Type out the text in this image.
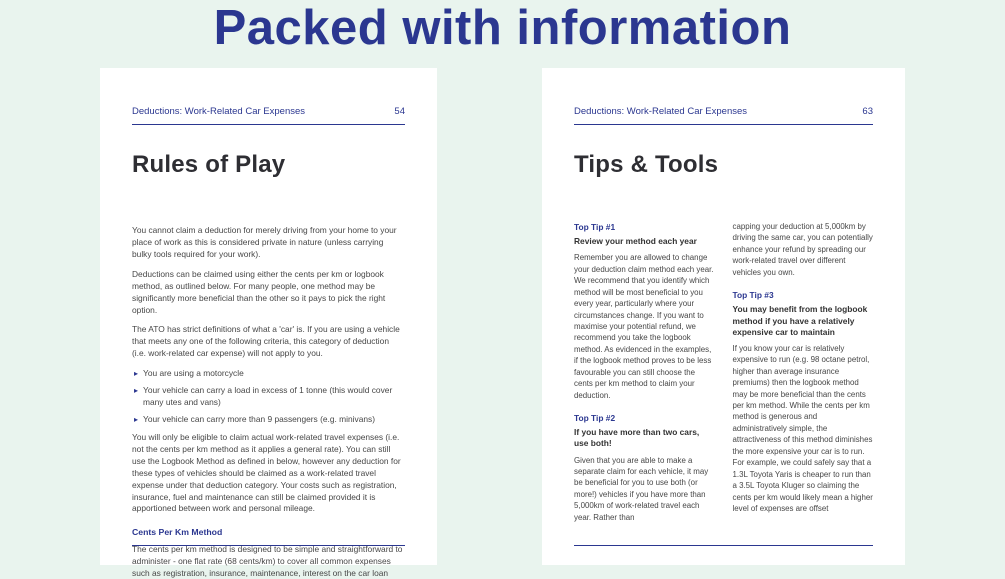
Packed with information
Deductions: Work-Related Car Expenses	54
Rules of Play

You cannot claim a deduction for merely driving from your home to your place of work as this is considered private in nature (unless carrying bulky tools required for your work).

Deductions can be claimed using either the cents per km or logbook method, as outlined below. For many people, one method may be significantly more beneficial than the other so it pays to pick the right option.

The ATO has strict definitions of what a 'car' is. If you are using a vehicle that meets any one of the following criteria, this category of deduction (i.e. work-related car expense) will not apply to you.

▸ You are using a motorcycle
▸ Your vehicle can carry a load in excess of 1 tonne (this would cover many utes and vans)
▸ Your vehicle can carry more than 9 passengers (e.g. minivans)

You will only be eligible to claim actual work-related travel expenses (i.e. not the cents per km method as it applies a general rate). You can still use the Logbook Method as defined in below, however any deduction for these types of vehicles should be claimed as a work-related travel expense under that deduction category. Your costs such as registration, insurance, fuel and maintenance can still be claimed provided it is apportioned between work and personal mileage.

Cents Per Km Method

The cents per km method is designed to be simple and straightforward to administer - one flat rate (68 cents/km) to cover all common expenses such as registration, insurance, maintenance, interest on the car loan

Deductions: Work-Related Car Expenses	63
Tips & Tools
Top Tip #1
Review your method each year

Remember you are allowed to change your deduction claim method each year. We recommend that you identify which method will be most beneficial to you every year, particularly where your circumstances change. If you want to maximise your potential refund, we recommend you take the logbook method. As evidenced in the examples, if the logbook method proves to be less favourable you can still choose the cents per km method to claim your deduction.

Top Tip #2
If you have more than two cars, use both!

Given that you are able to make a separate claim for each vehicle, it may be beneficial for you to use both (or more!) vehicles if you have more than 5,000km of work-related travel each year. Rather than

capping your deduction at 5,000km by driving the same car, you can potentially enhance your refund by spreading our work-related travel over different vehicles you own.

Top Tip #3
You may benefit from the logbook method if you have a relatively expensive car to maintain

If you know your car is relatively expensive to run (e.g. 98 octane petrol, higher than average insurance premiums) then the logbook method may be more beneficial than the cents per km method. While the cents per km method is generous and administratively simple, the attractiveness of this method diminishes the more expensive your car is to run. For example, we could safely say that a 1.3L Toyota Yaris is cheaper to run than a 3.5L Toyota Kluger so claiming the cents per km would likely mean a higher level of expenses are offset
